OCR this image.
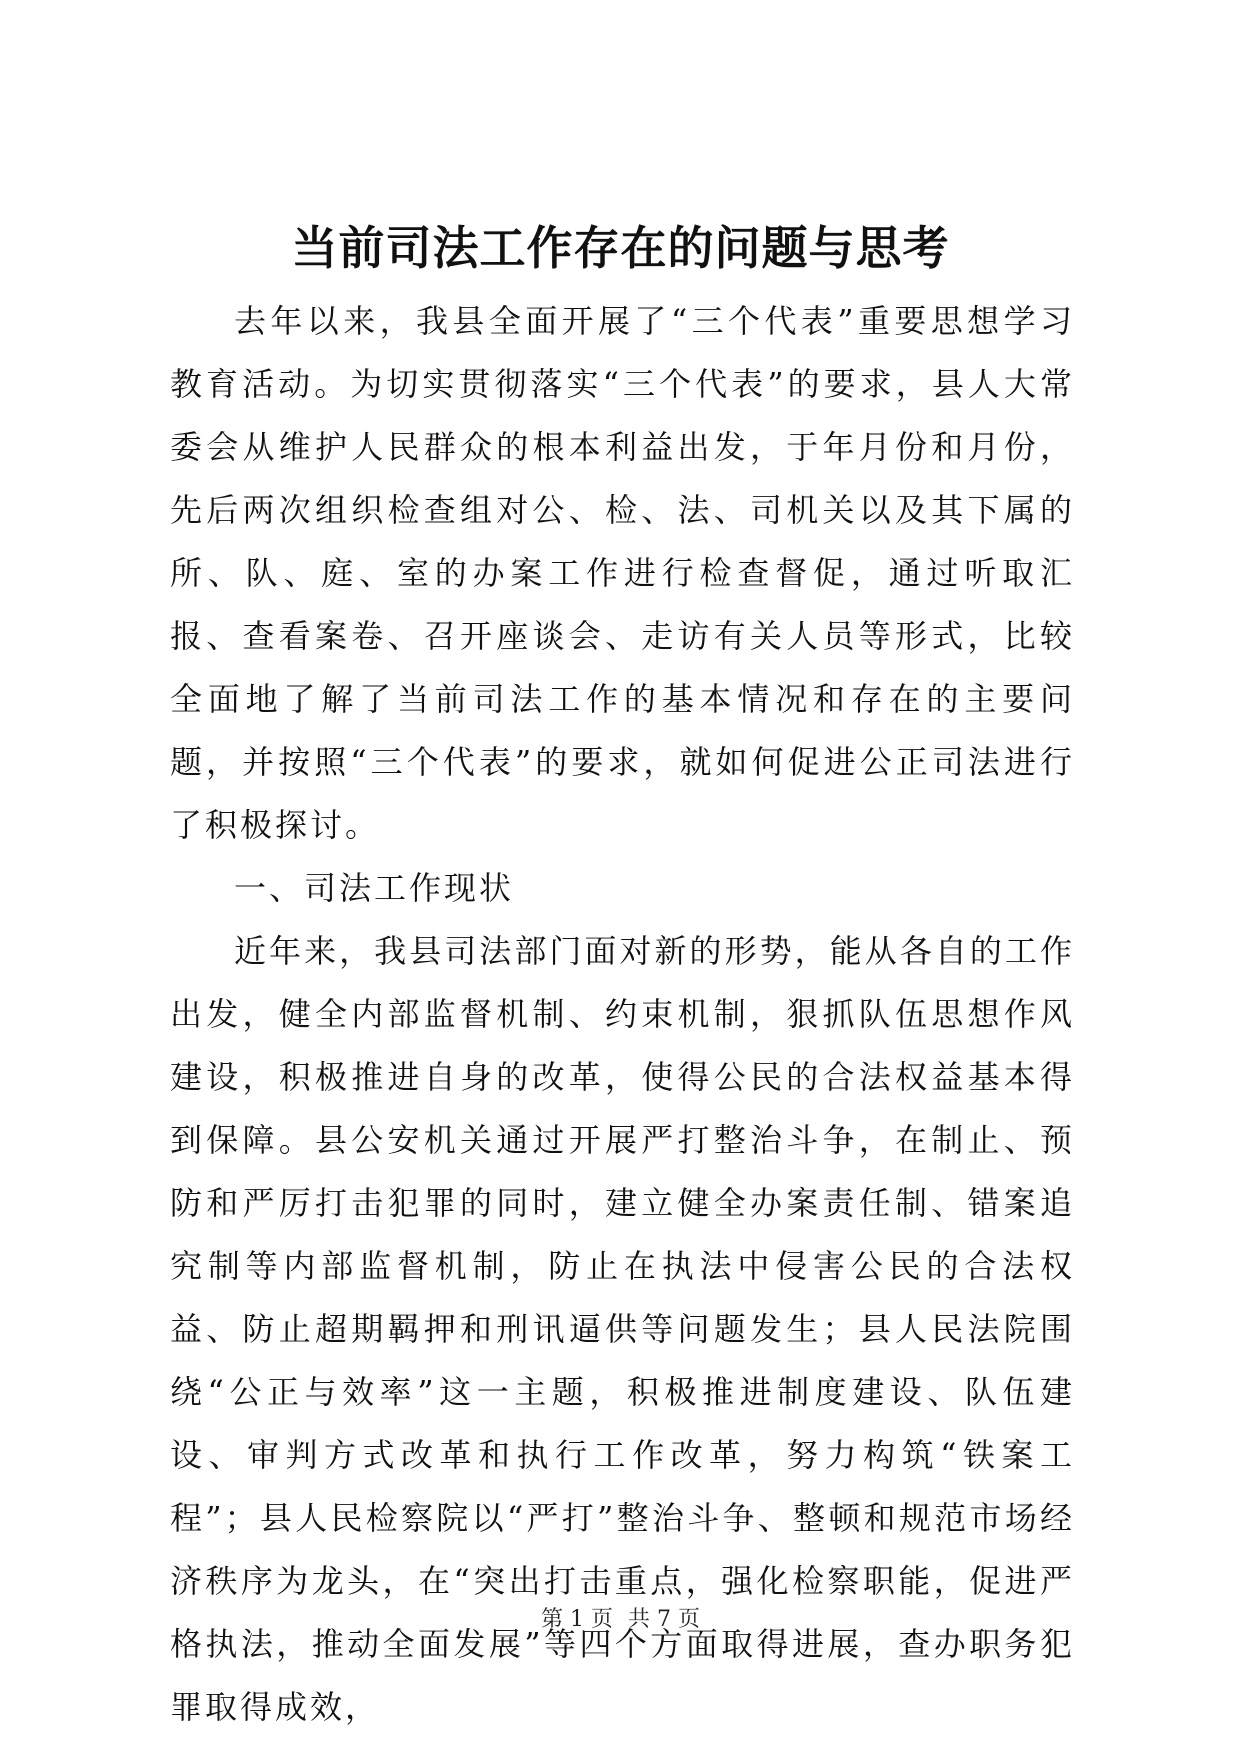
当前司法工作存在的问题与思考

去年以来，我县全面开展了“三个代表”重要思想学习教育活动。为切实贯彻落实“三个代表”的要求，县人大常委会从维护人民群众的根本利益出发，于年月份和月份，先后两次组织检查组对公、检、法、司机关以及其下属的所、队、庭、室的办案工作进行检查督促，通过听取汇报、查看案卷、召开座谈会、走访有关人员等形式，比较全面地了解了当前司法工作的基本情况和存在的主要问题，并按照“三个代表”的要求，就如何促进公正司法进行了积极探讨。

一、司法工作现状

近年来，我县司法部门面对新的形势，能从各自的工作出发，健全内部监督机制、约束机制，狠抓队伍思想作风建设，积极推进自身的改革，使得公民的合法权益基本得到保障。县公安机关通过开展严打整治斗争，在制止、预防和严厉打击犯罪的同时，建立健全办案责任制、错案追究制等内部监督机制，防止在执法中侵害公民的合法权益、防止超期羁押和刑讯逼供等问题发生；县人民法院围绕“公正与效率”这一主题，积极推进制度建设、队伍建设、审判方式改革和执行工作改革，努力构筑“铁案工程”；县人民检察院以“严打”整治斗争、整顿和规范市场经济秩序为龙头，在“突出打击重点，强化检察职能，促进严格执法，推动全面发展”等四个方面取得进展，查办职务犯罪取得成效，

第 1 页 共 7 页
